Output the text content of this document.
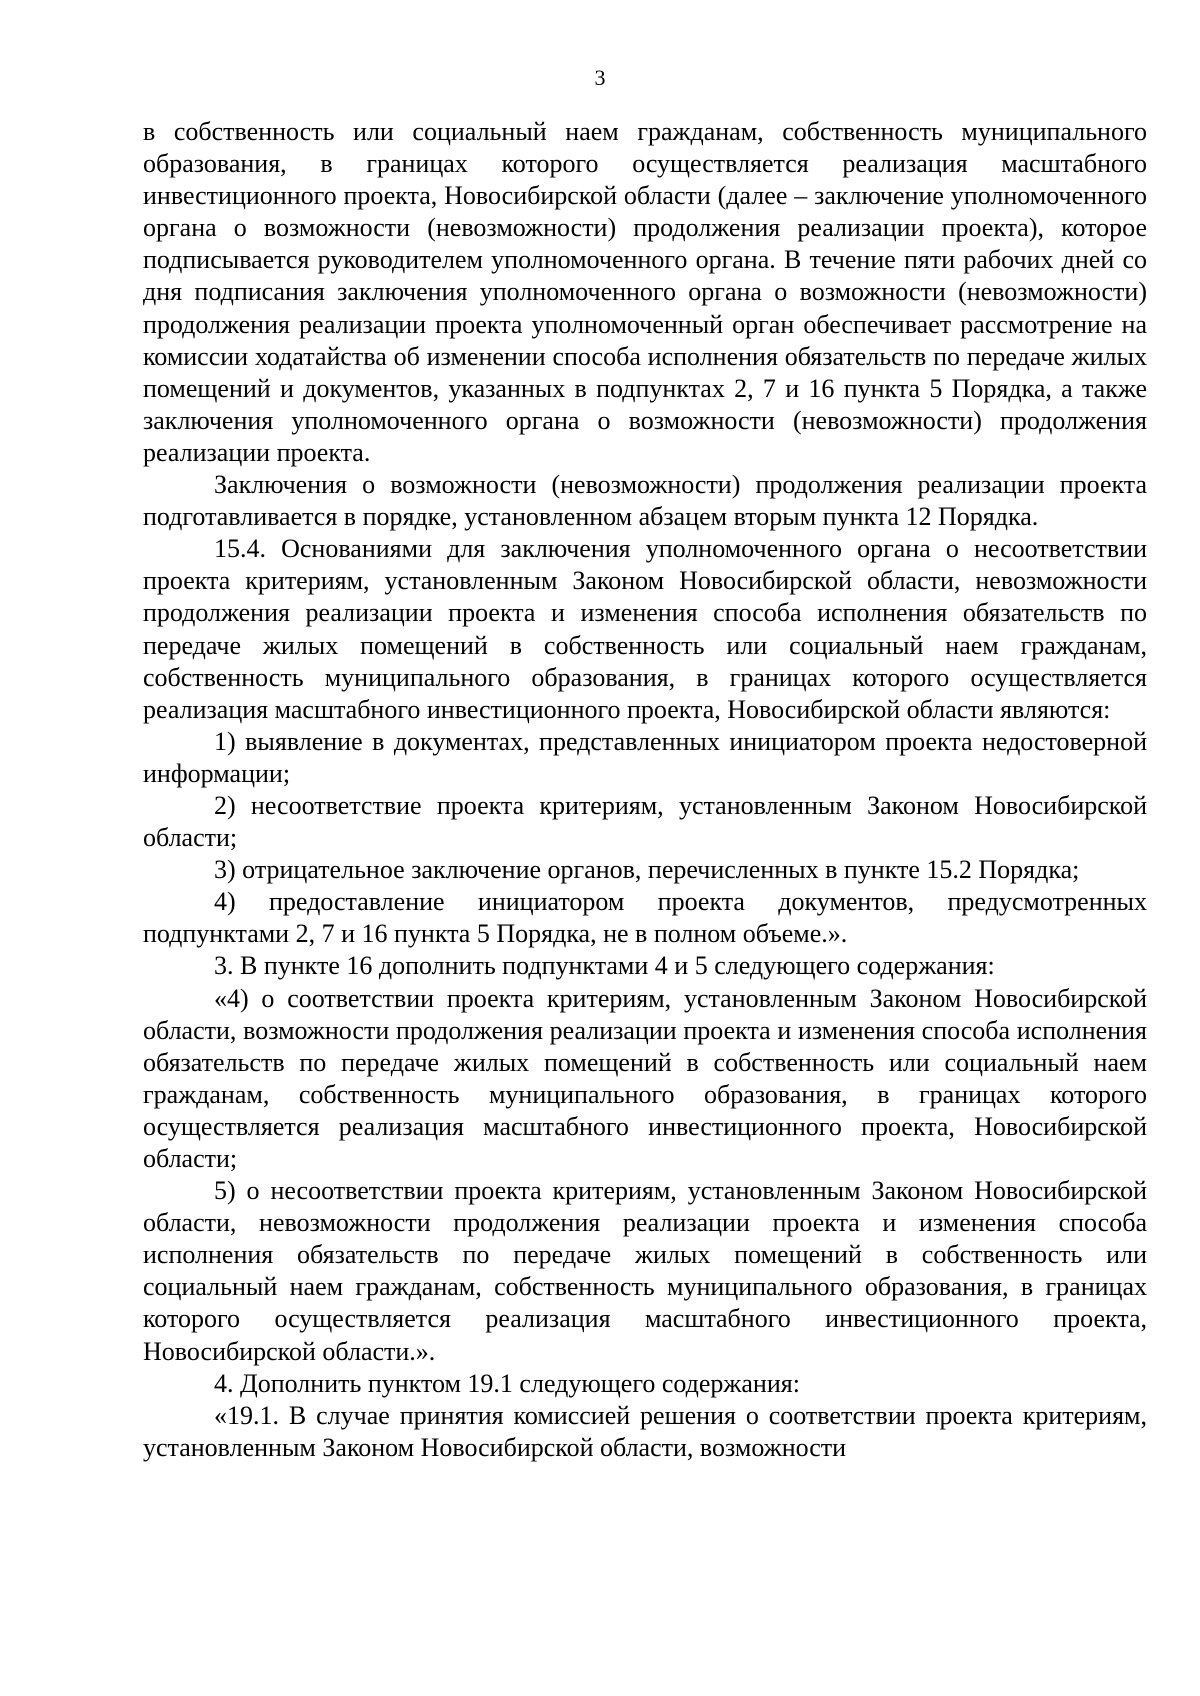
3

в собственность или социальный наем гражданам, собственность муниципального образования, в границах которого осуществляется реализация масштабного инвестиционного проекта, Новосибирской области (далее – заключение уполномоченного органа о возможности (невозможности) продолжения реализации проекта), которое подписывается руководителем уполномоченного органа. В течение пяти рабочих дней со дня подписания заключения уполномоченного органа о возможности (невозможности) продолжения реализации проекта уполномоченный орган обеспечивает рассмотрение на комиссии ходатайства об изменении способа исполнения обязательств по передаче жилых помещений и документов, указанных в подпунктах 2, 7 и 16 пункта 5 Порядка, а также заключения уполномоченного органа о возможности (невозможности) продолжения реализации проекта.

Заключения о возможности (невозможности) продолжения реализации проекта подготавливается в порядке, установленном абзацем вторым пункта 12 Порядка.

15.4. Основаниями для заключения уполномоченного органа о несоответствии проекта критериям, установленным Законом Новосибирской области, невозможности продолжения реализации проекта и изменения способа исполнения обязательств по передаче жилых помещений в собственность или социальный наем гражданам, собственность муниципального образования, в границах которого осуществляется реализация масштабного инвестиционного проекта, Новосибирской области являются:

1) выявление в документах, представленных инициатором проекта недостоверной информации;

2) несоответствие проекта критериям, установленным Законом Новосибирской области;

3) отрицательное заключение органов, перечисленных в пункте 15.2 Порядка;

4) предоставление инициатором проекта документов, предусмотренных подпунктами 2, 7 и 16 пункта 5 Порядка, не в полном объеме.».

3. В пункте 16 дополнить подпунктами 4 и 5 следующего содержания:

«4) о соответствии проекта критериям, установленным Законом Новосибирской области, возможности продолжения реализации проекта и изменения способа исполнения обязательств по передаче жилых помещений в собственность или социальный наем гражданам, собственность муниципального образования, в границах которого осуществляется реализация масштабного инвестиционного проекта, Новосибирской области;

5) о несоответствии проекта критериям, установленным Законом Новосибирской области, невозможности продолжения реализации проекта и изменения способа исполнения обязательств по передаче жилых помещений в собственность или социальный наем гражданам, собственность муниципального образования, в границах которого осуществляется реализация масштабного инвестиционного проекта, Новосибирской области.».

4. Дополнить пунктом 19.1 следующего содержания:

«19.1. В случае принятия комиссией решения о соответствии проекта критериям, установленным Законом Новосибирской области, возможности
